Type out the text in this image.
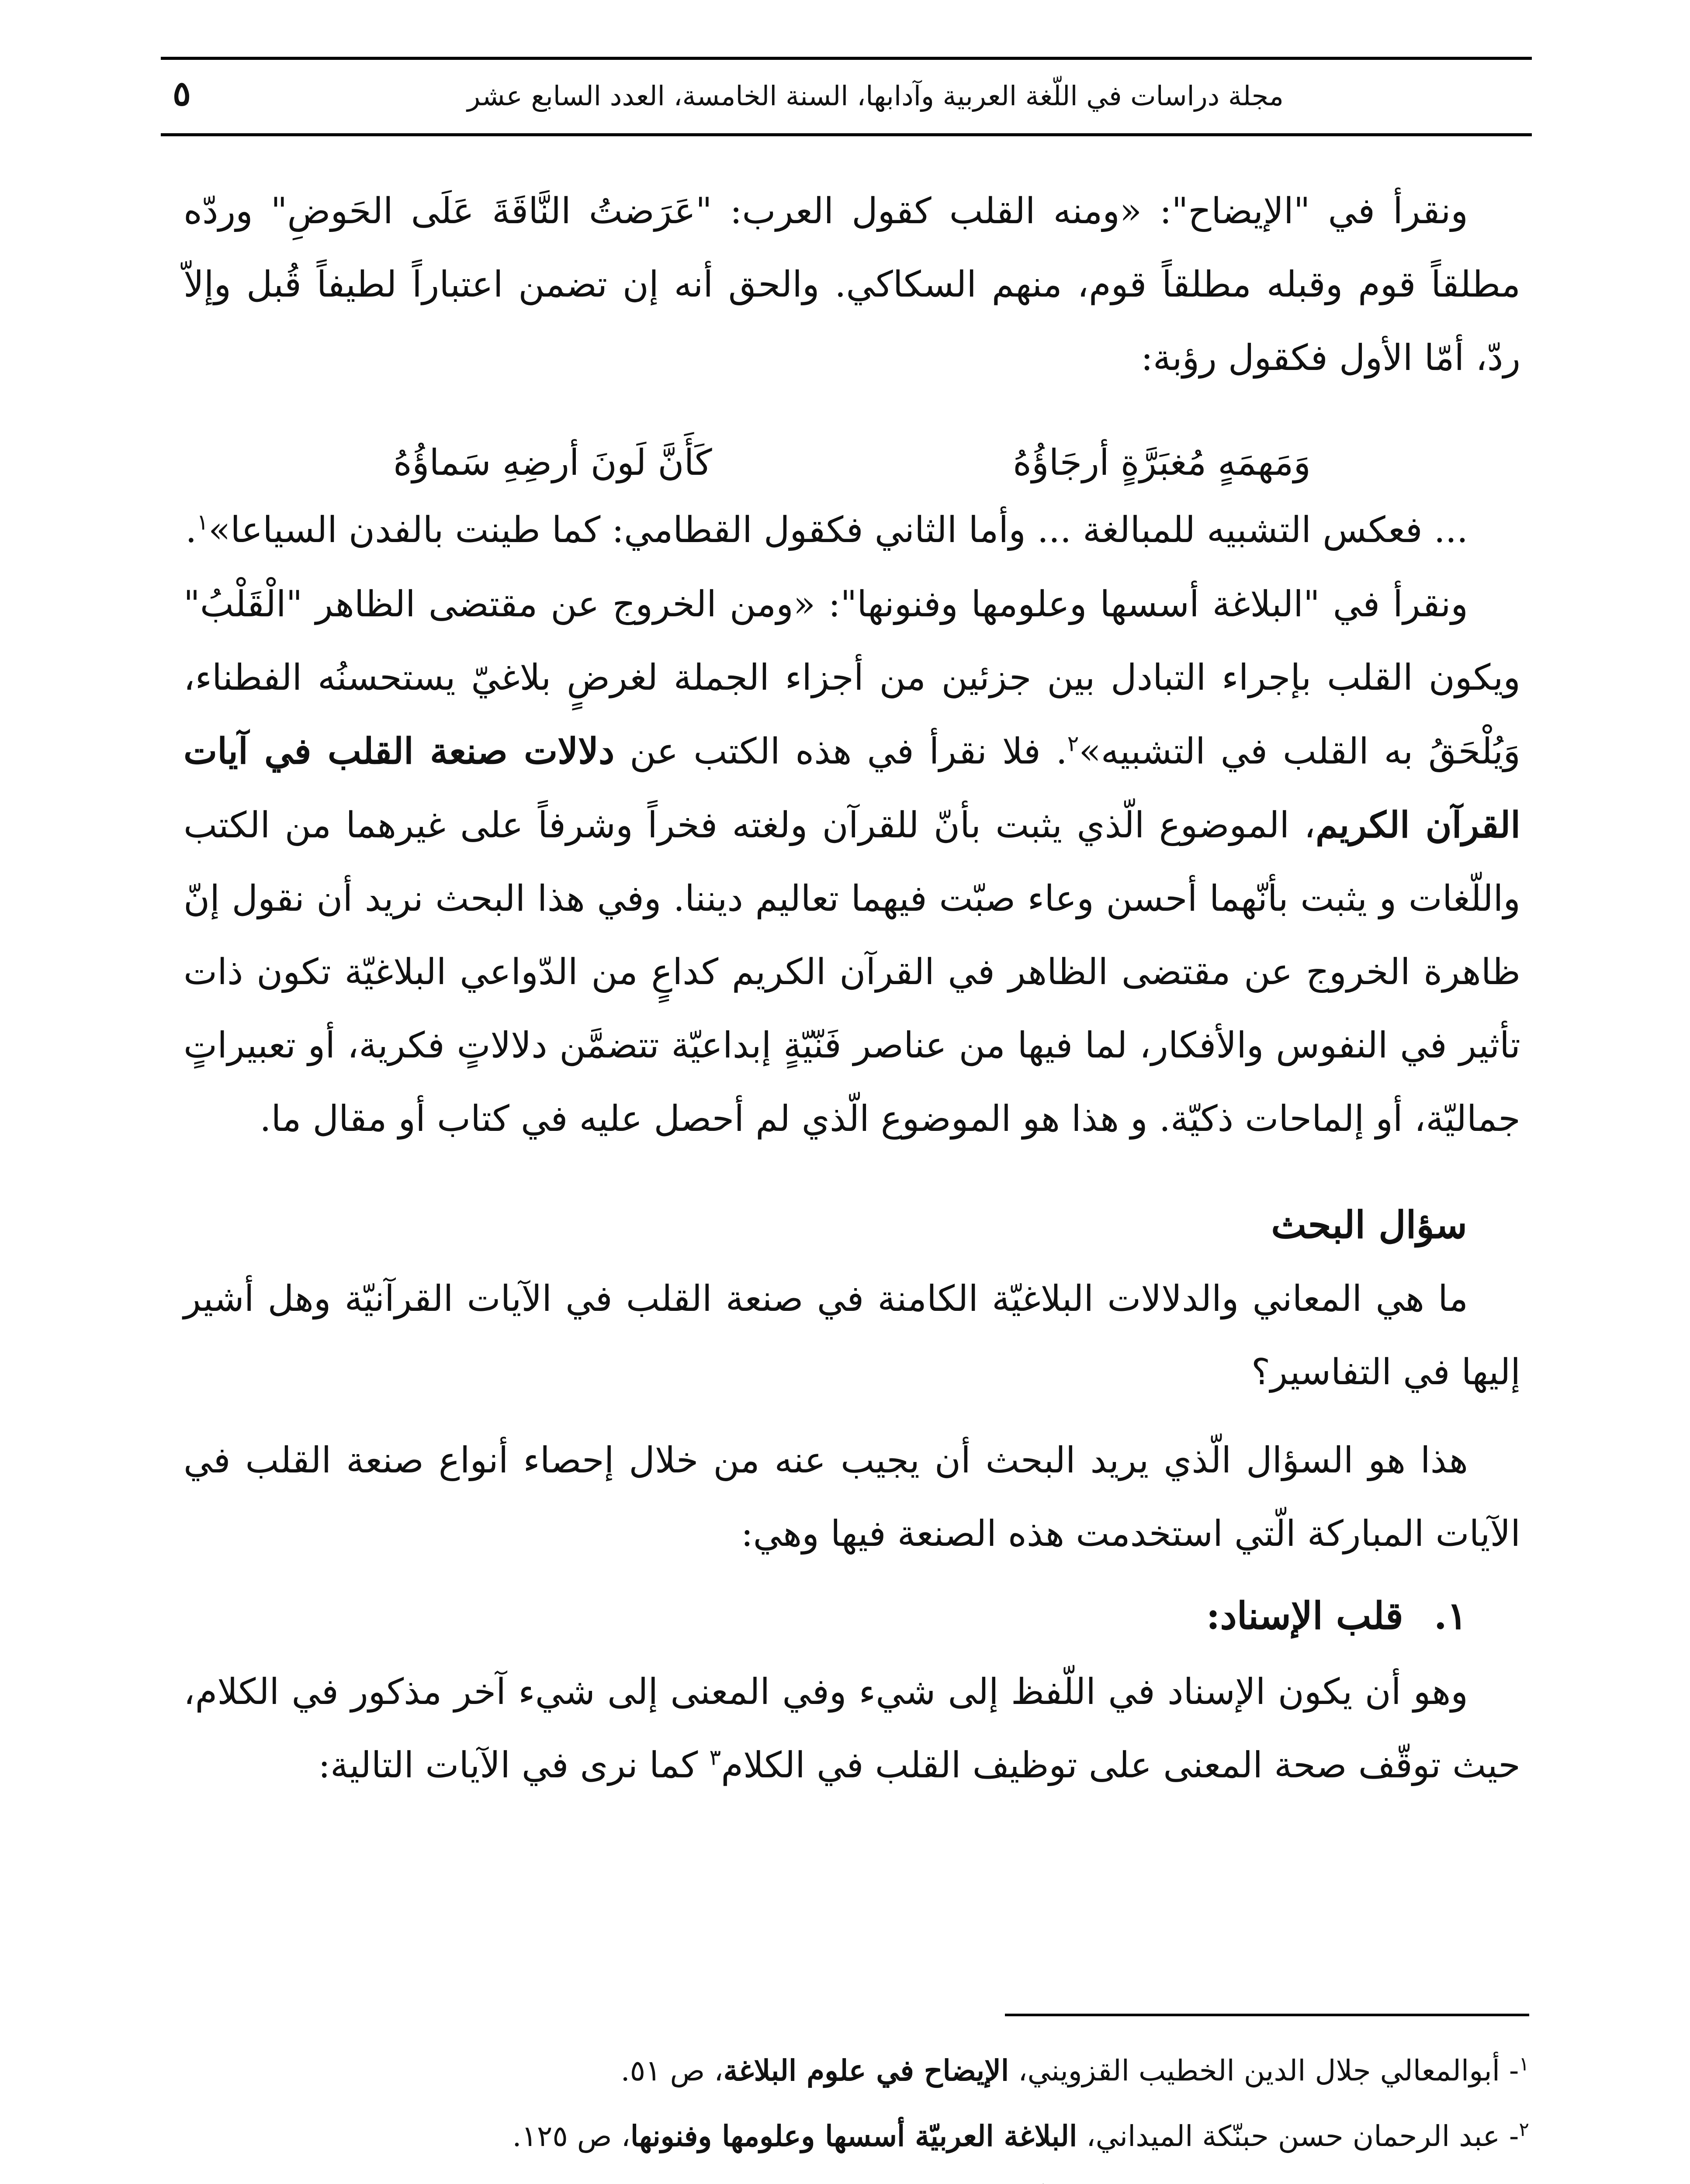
مجلة دراسات في اللّغة العربية وآدابها، السنة الخامسة، العدد السابع عشر
٥

ونقرأ في "الإيضاح": «ومنه القلب كقول العرب: "عَرَضتُ النَّاقَةَ عَلَى الحَوضِ" وردّه مطلقاً قوم وقبله مطلقاً قوم، منهم السكاكي. والحق أنه إن تضمن اعتباراً لطيفاً قُبل وإلاّ ردّ، أمّا الأول فكقول رؤبة:

وَمَهمَهٍ مُغبَرَّةٍ أرجَاؤُهُ
كَأَنَّ لَونَ أرضِهِ سَماؤُهُ

... فعكس التشبيه للمبالغة ... وأما الثاني فكقول القطامي: كما طينت بالفدن السياعا»$^١$.

ونقرأ في "البلاغة أسسها وعلومها وفنونها": «ومن الخروج عن مقتضى الظاهر "الْقَلْبُ" ويكون القلب بإجراء التبادل بين جزئين من أجزاء الجملة لغرضٍ بلاغيّ يستحسنُه الفطناء، وَيُلْحَقُ به القلب في التشبيه»$^٢$. فلا نقرأ في هذه الكتب عن دلالات صنعة القلب في آيات القرآن الكريم، الموضوع الّذي يثبت بأنّ للقرآن ولغته فخراً وشرفاً على غيرهما من الكتب واللّغات و يثبت بأنّهما أحسن وعاء صبّت فيهما تعاليم ديننا. وفي هذا البحث نريد أن نقول إنّ ظاهرة الخروج عن مقتضى الظاهر في القرآن الكريم كداعٍ من الدّواعي البلاغيّة تكون ذات تأثير في النفوس والأفكار، لما فيها من عناصر فَنّيّةٍ إبداعيّة تتضمَّن دلالاتٍ فكرية، أو تعبيراتٍ جماليّة، أو إلماحات ذكيّة. و هذا هو الموضوع الّذي لم أحصل عليه في كتاب أو مقال ما.

سؤال البحث

ما هي المعاني والدلالات البلاغيّة الكامنة في صنعة القلب في الآيات القرآنيّة وهل أشير إليها في التفاسير؟

هذا هو السؤال الّذي يريد البحث أن يجيب عنه من خلال إحصاء أنواع صنعة القلب في الآيات المباركة الّتي استخدمت هذه الصنعة فيها وهي:

١.قلب الإسناد:

وهو أن يكون الإسناد في اللّفظ إلى شيء وفي المعنى إلى شيء آخر مذكور في الكلام، حيث توقّف صحة المعنى على توظيف القلب في الكلام$^٣$ كما نرى في الآيات التالية:

$^١$- أبوالمعالي جلال الدين الخطيب القزويني، الإيضاح في علوم البلاغة، ص ٥١.
$^٢$- عبد الرحمان حسن حبنّكة الميداني، البلاغة العربيّة أسسها وعلومها وفنونها، ص ١٢٥.
